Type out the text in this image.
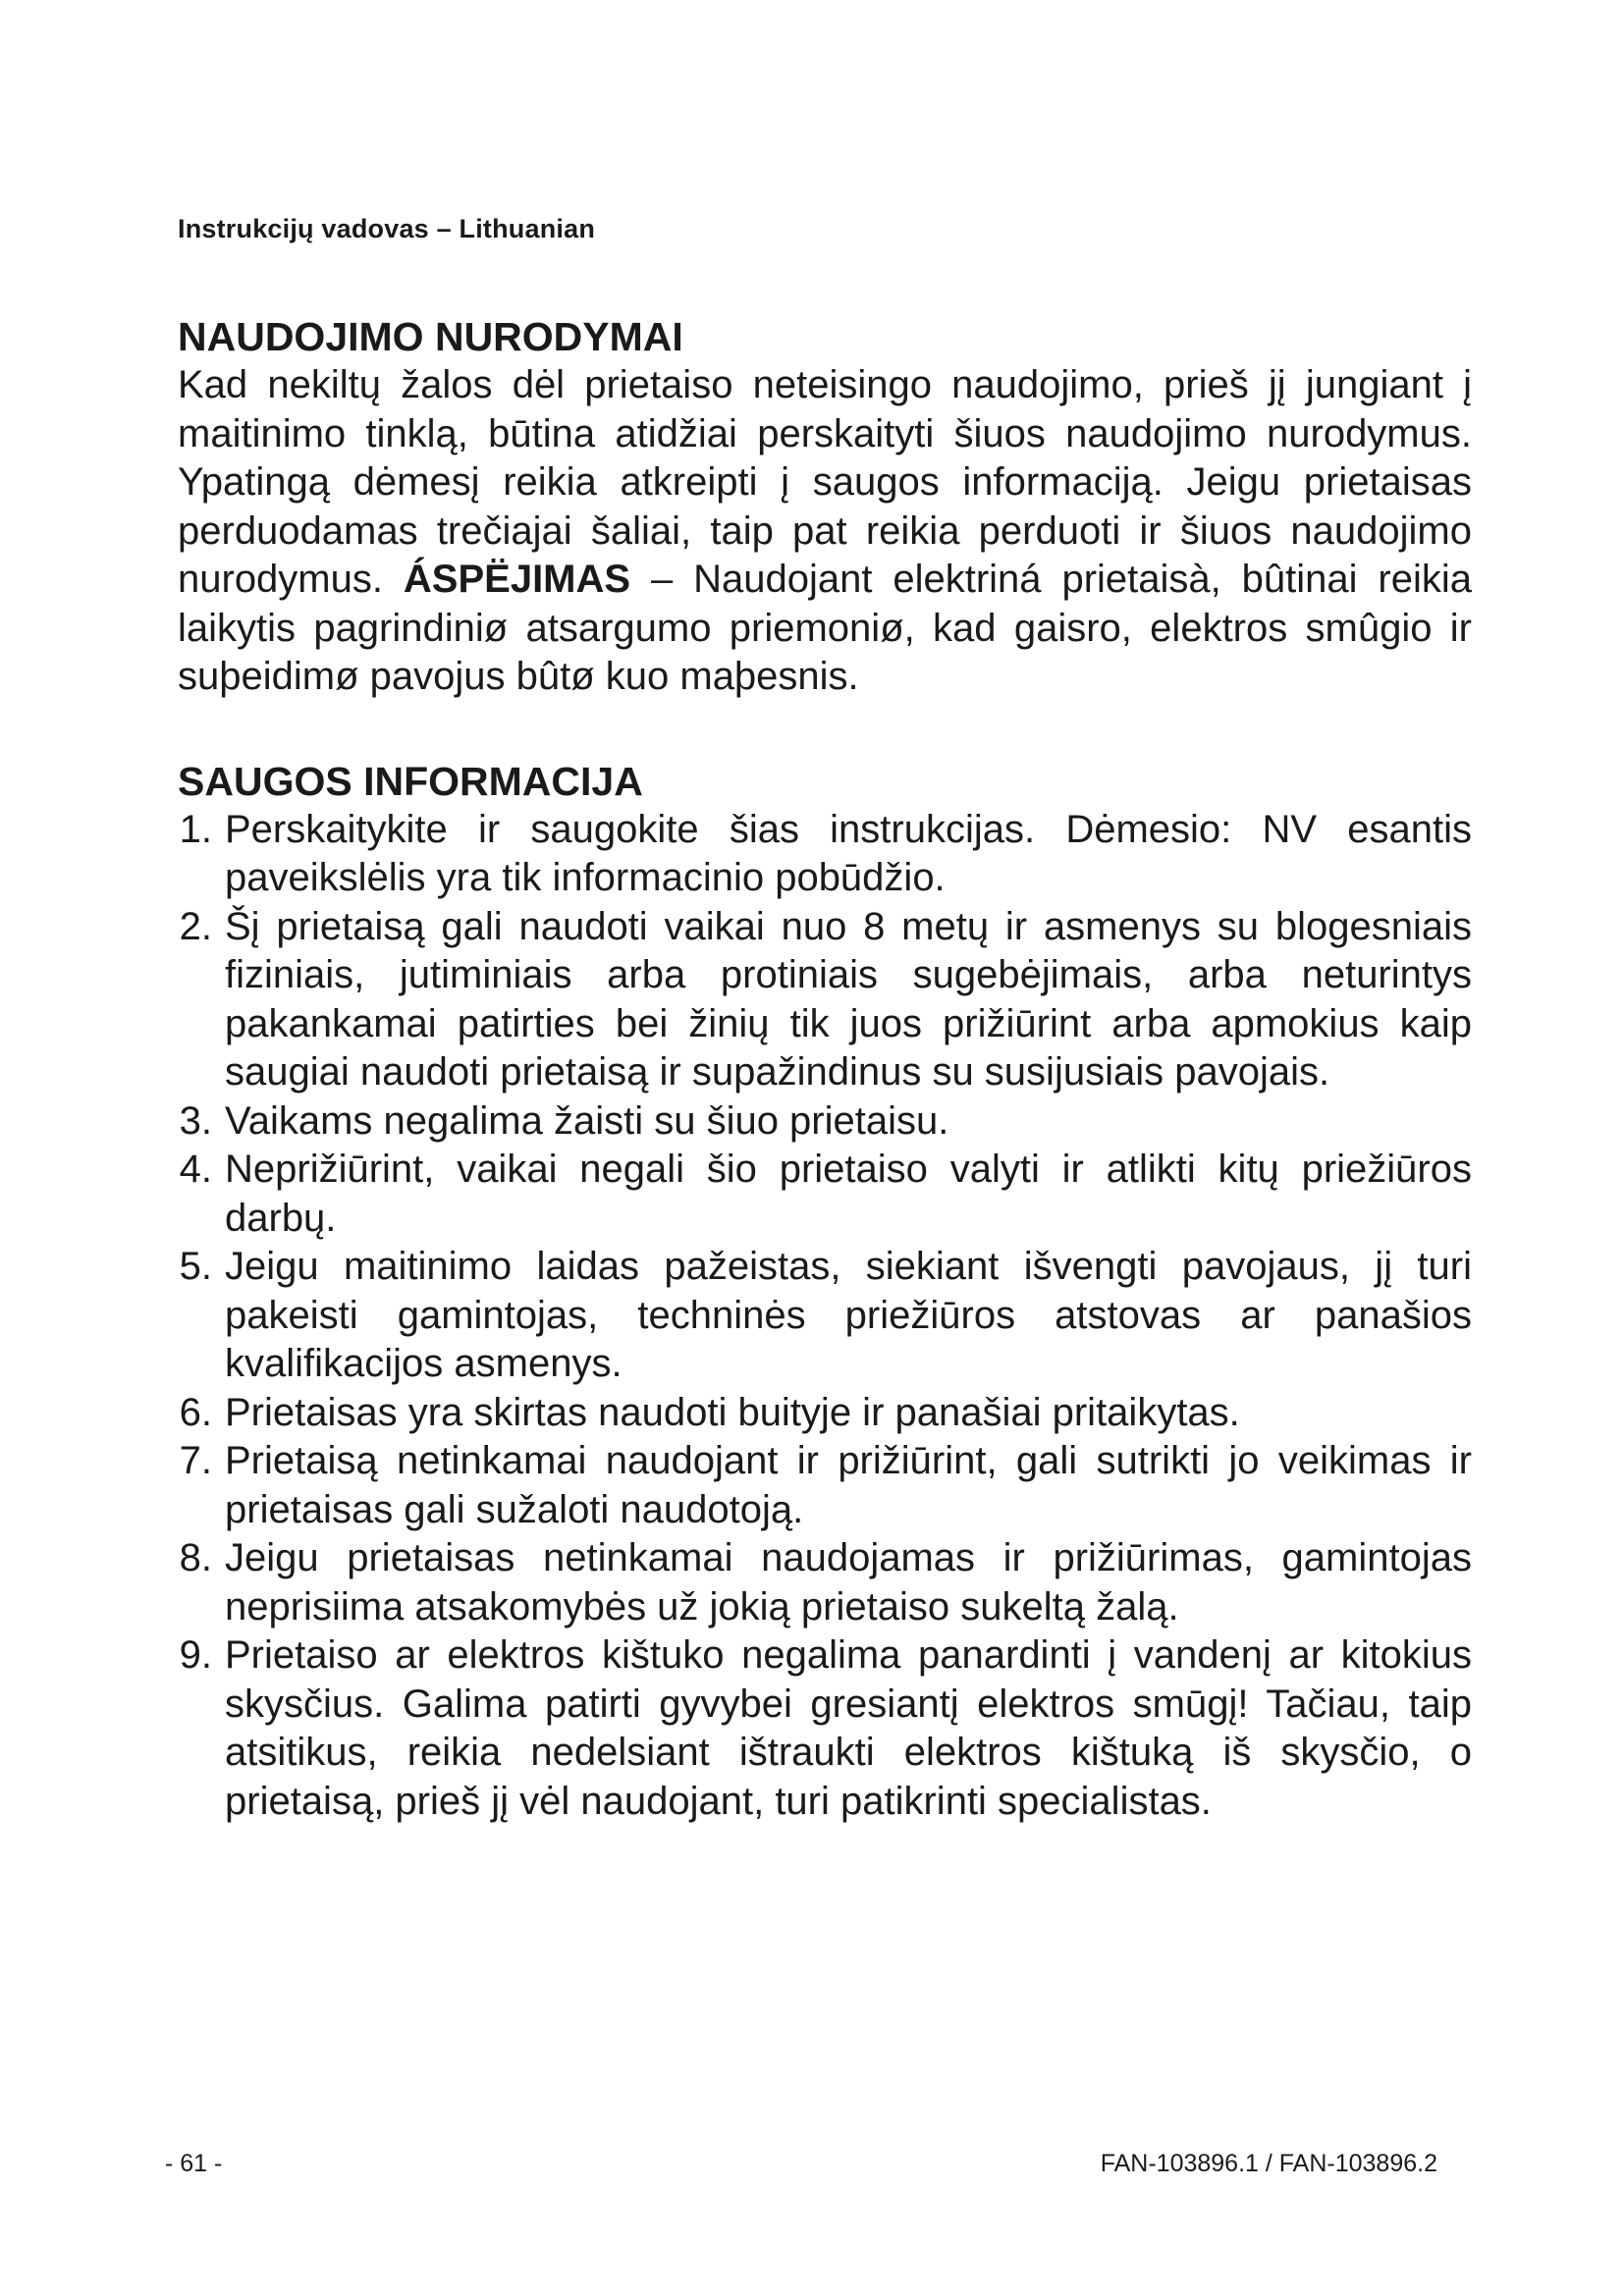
Instrukcijų vadovas – Lithuanian
NAUDOJIMO NURODYMAI

Kad nekiltų žalos dėl prietaiso neteisingo naudojimo, prieš jį jungiant į maitinimo tinklą, būtina atidžiai perskaityti šiuos naudojimo nurodymus. Ypatingą dėmesį reikia atkreipti į saugos informaciją. Jeigu prietaisas perduodamas trečiajai šaliai, taip pat reikia perduoti ir šiuos naudojimo nurodymus. ÁSPËJIMAS – Naudojant elektriná prietaisà, bûtinai reikia laikytis pagrindiniø atsargumo priemoniø, kad gaisro, elektros smûgio ir suþeidimø pavojus bûtø kuo maþesnis.

SAUGOS INFORMACIJA
1. Perskaitykite ir saugokite šias instrukcijas. Dėmesio: NV esantis paveikslėlis yra tik informacinio pobūdžio.
2. Šį prietaisą gali naudoti vaikai nuo 8 metų ir asmenys su blogesniais fiziniais, jutiminiais arba protiniais sugebėjimais, arba neturintys pakankamai patirties bei žinių tik juos prižiūrint arba apmokius kaip saugiai naudoti prietaisą ir supažindinus su susijusiais pavojais.
3. Vaikams negalima žaisti su šiuo prietaisu.
4. Neprižiūrint, vaikai negali šio prietaiso valyti ir atlikti kitų priežiūros darbų.
5. Jeigu maitinimo laidas pažeistas, siekiant išvengti pavojaus, jį turi pakeisti gamintojas, techninės priežiūros atstovas ar panašios kvalifikacijos asmenys.
6. Prietaisas yra skirtas naudoti buityje ir panašiai pritaikytas.
7. Prietaisą netinkamai naudojant ir prižiūrint, gali sutrikti jo veikimas ir prietaisas gali sužaloti naudotoją.
8. Jeigu prietaisas netinkamai naudojamas ir prižiūrimas, gamintojas neprisiima atsakomybės už jokią prietaiso sukeltą žalą.
9. Prietaiso ar elektros kištuko negalima panardinti į vandenį ar kitokius skysčius. Galima patirti gyvybei gresiantį elektros smūgį! Tačiau, taip atsitikus, reikia nedelsiant ištraukti elektros kištuką iš skysčio, o prietaisą, prieš jį vėl naudojant, turi patikrinti specialistas.
- 61 -	FAN-103896.1 / FAN-103896.2
